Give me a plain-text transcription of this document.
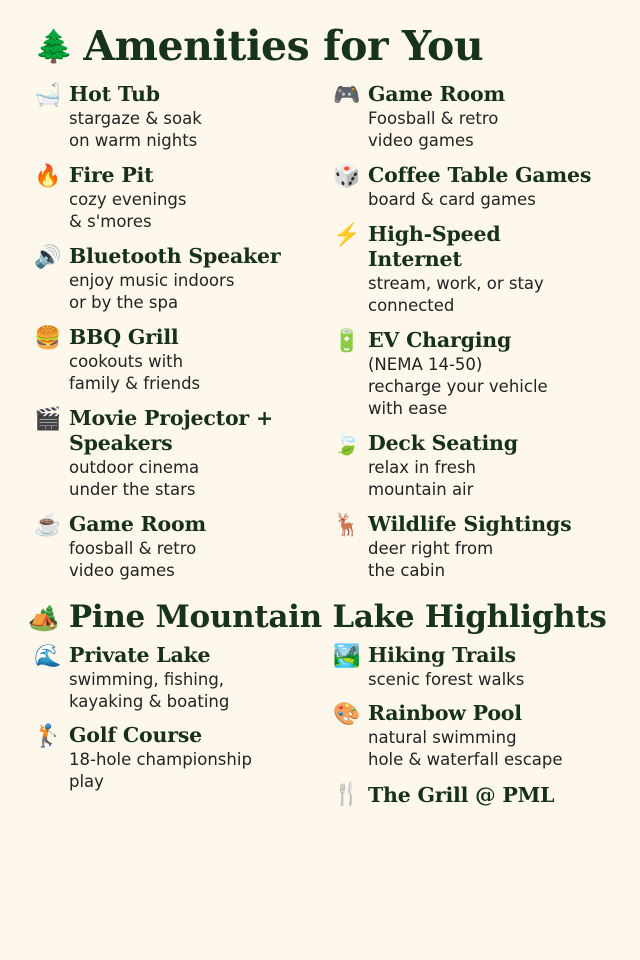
🌲 Amenities for You
🛁 Hot Tub
stargaze & soak
on warm nights
🔥 Fire Pit
cozy evenings
& s'mores
🔊 Bluetooth Speaker
enjoy music indoors
or by the spa
🍔 BBQ Grill
cookouts with
family & friends
🎬 Movie Projector +
Speakers
outdoor cinema
under the stars
☕ Game Room
foosball & retro
video games
🎮 Game Room
Foosball & retro
video games
🎲 Coffee Table Games
board & card games
⚡ High-Speed
Internet
stream, work, or stay
connected
🔋 EV Charging
(NEMA 14-50)
recharge your vehicle
with ease
🍃 Deck Seating
relax in fresh
mountain air
🦌 Wildlife Sightings
deer right from
the cabin
🏕️ Pine Mountain Lake Highlights
🌊 Private Lake
swimming, fishing,
kayaking & boating
🏌️ Golf Course
18-hole championship
play
🏞️ Hiking Trails
scenic forest walks
🎨 Rainbow Pool
natural swimming
hole & waterfall escape
🍴 The Grill @ PML
